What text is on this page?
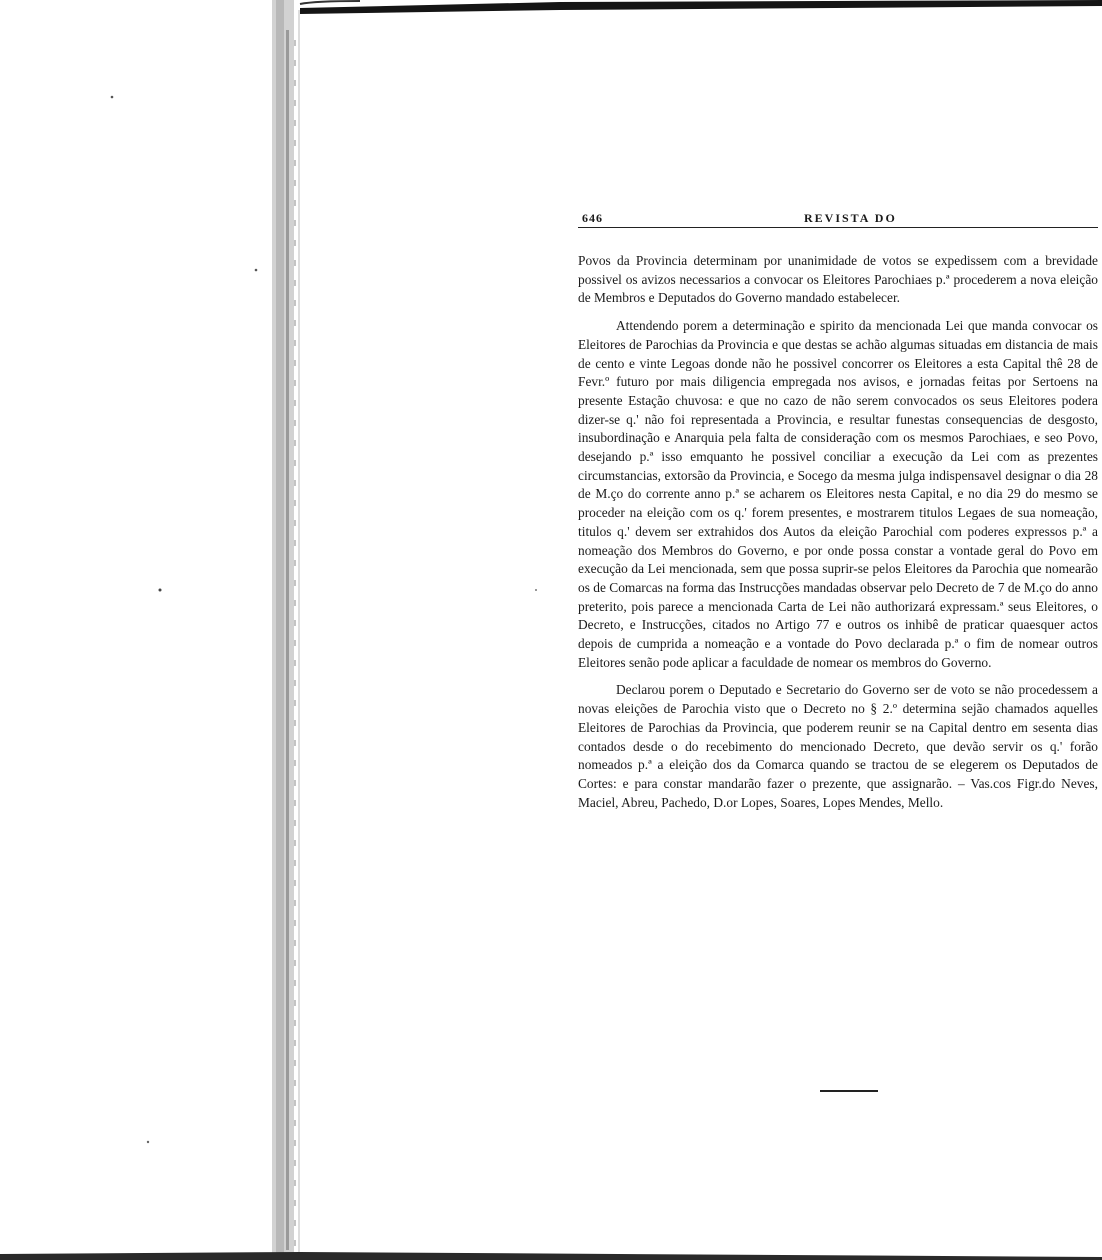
646	REVISTA DO

Povos da Provincia determinam por unanimidade de votos se expedissem com a brevidade possivel os avizos necessarios a convocar os Eleitores Parochiaes p.ª procederem a nova eleição de Membros e Deputados do Governo mandado estabelecer.

Attendendo porem a determinação e spirito da mencionada Lei que manda convocar os Eleitores de Parochias da Provincia e que destas se achão algumas situadas em distancia de mais de cento e vinte Legoas donde não he possivel concorrer os Eleitores a esta Capital thê 28 de Fevr.º futuro por mais diligencia empregada nos avisos, e jornadas feitas por Sertoens na presente Estação chuvosa: e que no cazo de não serem convocados os seus Eleitores podera dizer-se q.' não foi representada a Provincia, e resultar funestas consequencias de desgosto, insubordinação e Anarquia pela falta de consideração com os mesmos Parochiaes, e seo Povo, desejando p.ª isso emquanto he possivel conciliar a execução da Lei com as prezentes circumstancias, extorsão da Provincia, e Socego da mesma julga indispensavel designar o dia 28 de M.ço do corrente anno p.ª se acharem os Eleitores nesta Capital, e no dia 29 do mesmo se proceder na eleição com os q.' forem presentes, e mostrarem titulos Legaes de sua nomeação, titulos q.' devem ser extrahidos dos Autos da eleição Parochial com poderes expressos p.ª a nomeação dos Membros do Governo, e por onde possa constar a vontade geral do Povo em execução da Lei mencionada, sem que possa suprir-se pelos Eleitores da Parochia que nomearão os de Comarcas na forma das Instrucções mandadas observar pelo Decreto de 7 de M.ço do anno preterito, pois parece a mencionada Carta de Lei não authorizará expressam.ª seus Eleitores, o Decreto, e Instrucções, citados no Artigo 77 e outros os inhibê de praticar quaesquer actos depois de cumprida a nomeação e a vontade do Povo declarada p.ª o fim de nomear outros Eleitores senão pode aplicar a faculdade de nomear os membros do Governo.

Declarou porem o Deputado e Secretario do Governo ser de voto se não procedessem a novas eleições de Parochia visto que o Decreto no § 2.º determina sejão chamados aquelles Eleitores de Parochias da Provincia, que poderem reunir se na Capital dentro em sesenta dias contados desde o do recebimento do mencionado Decreto, que devão servir os q.' forão nomeados p.ª a eleição dos da Comarca quando se tractou de se elegerem os Deputados de Cortes: e para constar mandarão fazer o prezente, que assignarão. – Vas.cos Figr.do Neves, Maciel, Abreu, Pachedo, D.or Lopes, Soares, Lopes Mendes, Mello.
